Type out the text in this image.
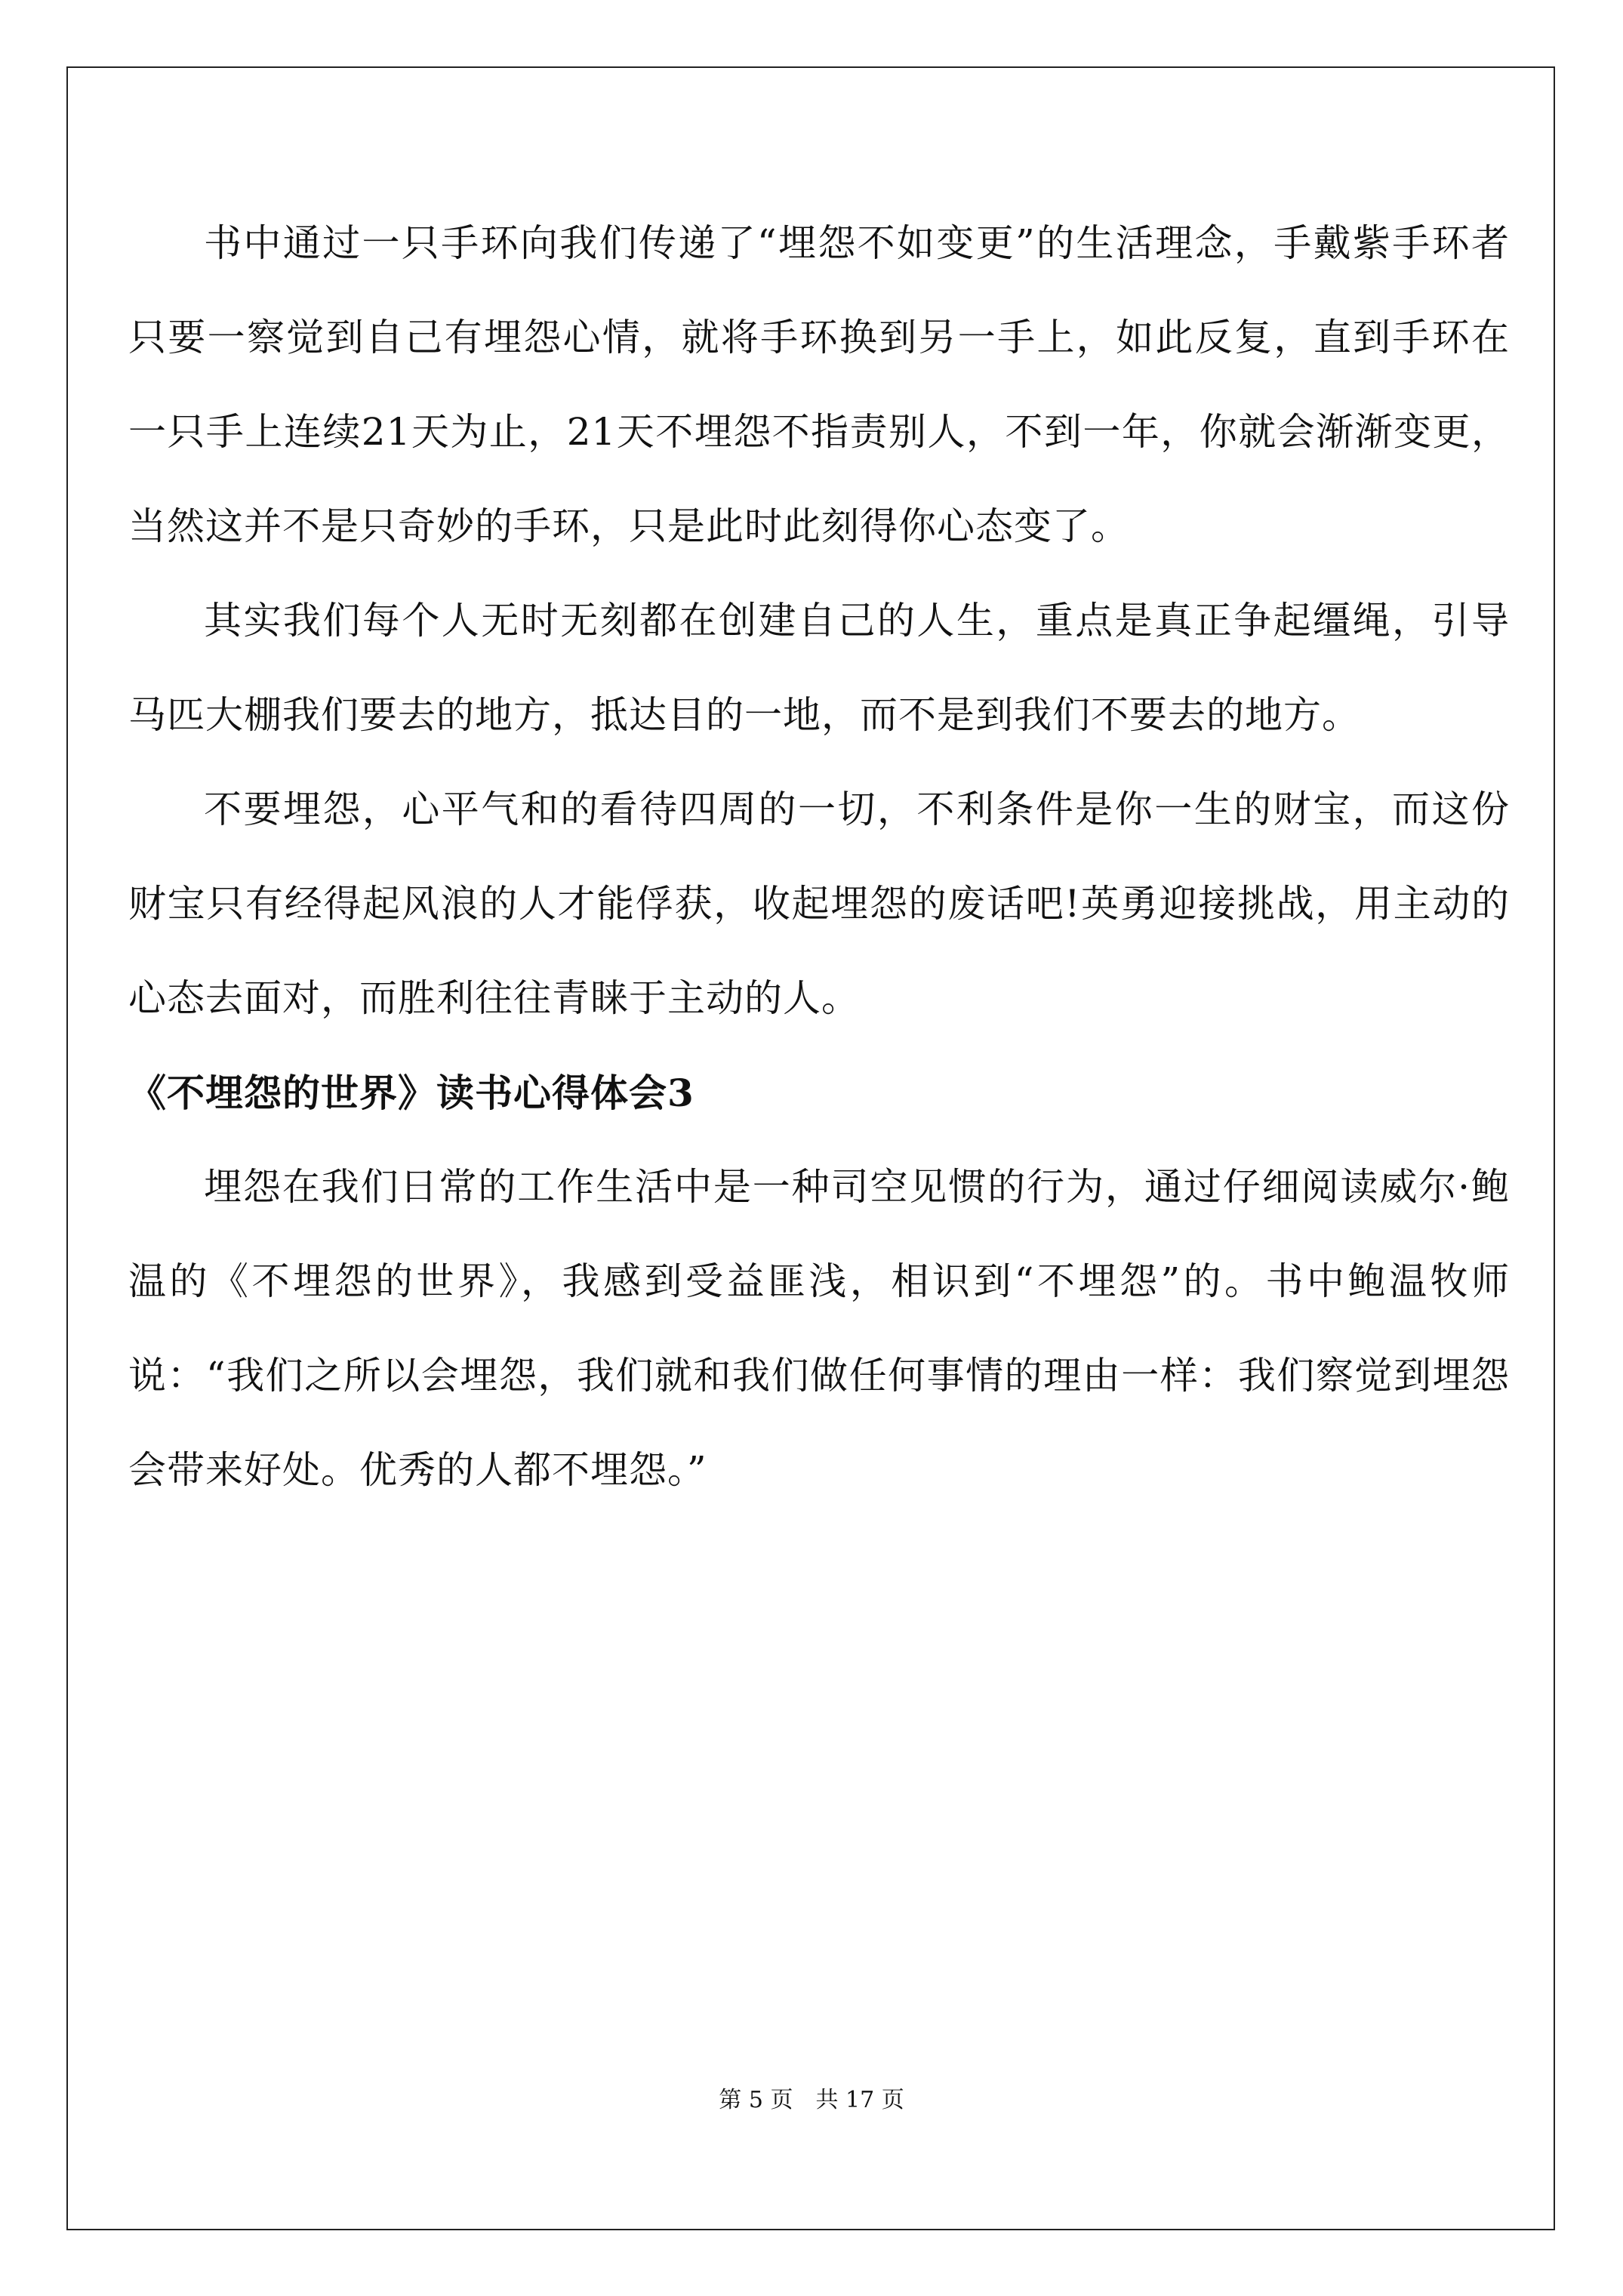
书中通过一只手环向我们传递了“埋怨不如变更”的生活理念，手戴紫手环者只要一察觉到自己有埋怨心情，就将手环换到另一手上，如此反复，直到手环在一只手上连续21天为止，21天不埋怨不指责别人，不到一年，你就会渐渐变更，当然这并不是只奇妙的手环，只是此时此刻得你心态变了。

其实我们每个人无时无刻都在创建自己的人生，重点是真正争起缰绳，引导马匹大棚我们要去的地方，抵达目的一地，而不是到我们不要去的地方。

不要埋怨，心平气和的看待四周的一切，不利条件是你一生的财宝，而这份财宝只有经得起风浪的人才能俘获，收起埋怨的废话吧!英勇迎接挑战，用主动的心态去面对，而胜利往往青睐于主动的人。

《不埋怨的世界》读书心得体会3

埋怨在我们日常的工作生活中是一种司空见惯的行为，通过仔细阅读威尔·鲍温的《不埋怨的世界》，我感到受益匪浅，相识到“不埋怨”的。书中鲍温牧师说：“我们之所以会埋怨，我们就和我们做任何事情的理由一样：我们察觉到埋怨会带来好处。优秀的人都不埋怨。”

第 5 页　共 17 页
